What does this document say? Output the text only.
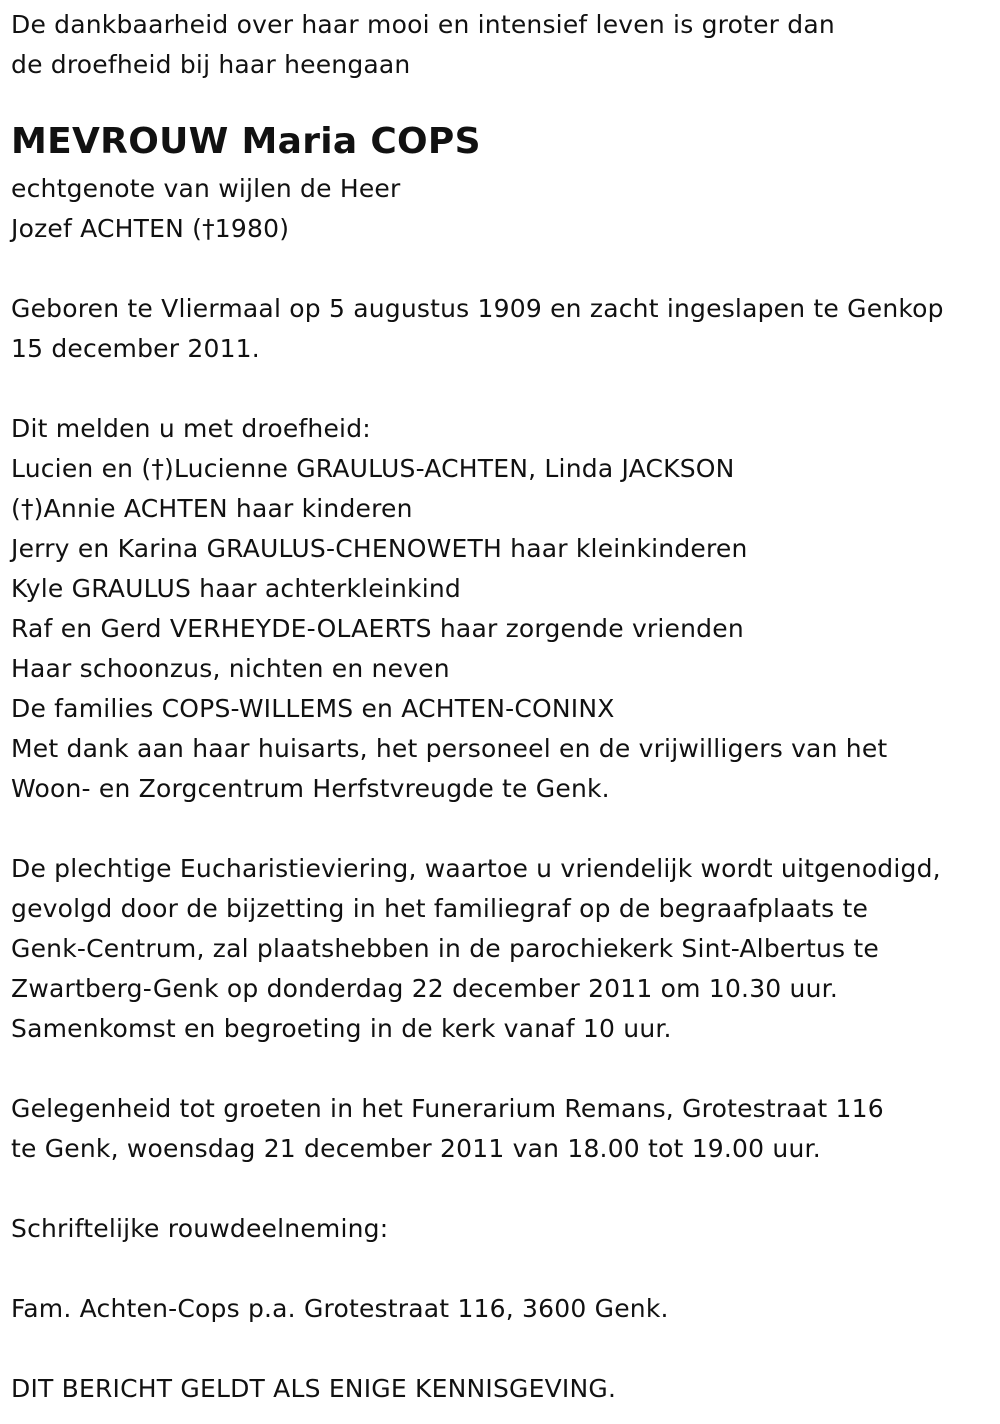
De dankbaarheid over haar mooi en intensief leven is groter dan
de droefheid bij haar heengaan
MEVROUW Maria COPS
echtgenote van wijlen de Heer
Jozef ACHTEN (†1980)
Geboren te Vliermaal op 5 augustus 1909 en zacht ingeslapen te Genkop
15 december 2011.
Dit melden u met droefheid:
Lucien en (†)Lucienne GRAULUS-ACHTEN, Linda JACKSON
(†)Annie ACHTEN haar kinderen
Jerry en Karina GRAULUS-CHENOWETH haar kleinkinderen
Kyle GRAULUS haar achterkleinkind
Raf en Gerd VERHEYDE-OLAERTS haar zorgende vrienden
Haar schoonzus, nichten en neven
De families COPS-WILLEMS en ACHTEN-CONINX
Met dank aan haar huisarts, het personeel en de vrijwilligers van het
Woon- en Zorgcentrum Herfstvreugde te Genk.
De plechtige Eucharistieviering, waartoe u vriendelijk wordt uitgenodigd,
gevolgd door de bijzetting in het familiegraf op de begraafplaats te
Genk-Centrum, zal plaatshebben in de parochiekerk Sint-Albertus te
Zwartberg-Genk op donderdag 22 december 2011 om 10.30 uur.
Samenkomst en begroeting in de kerk vanaf 10 uur.
Gelegenheid tot groeten in het Funerarium Remans, Grotestraat 116
te Genk, woensdag 21 december 2011 van 18.00 tot 19.00 uur.
Schriftelijke rouwdeelneming:
Fam. Achten-Cops p.a. Grotestraat 116, 3600 Genk.
DIT BERICHT GELDT ALS ENIGE KENNISGEVING.
